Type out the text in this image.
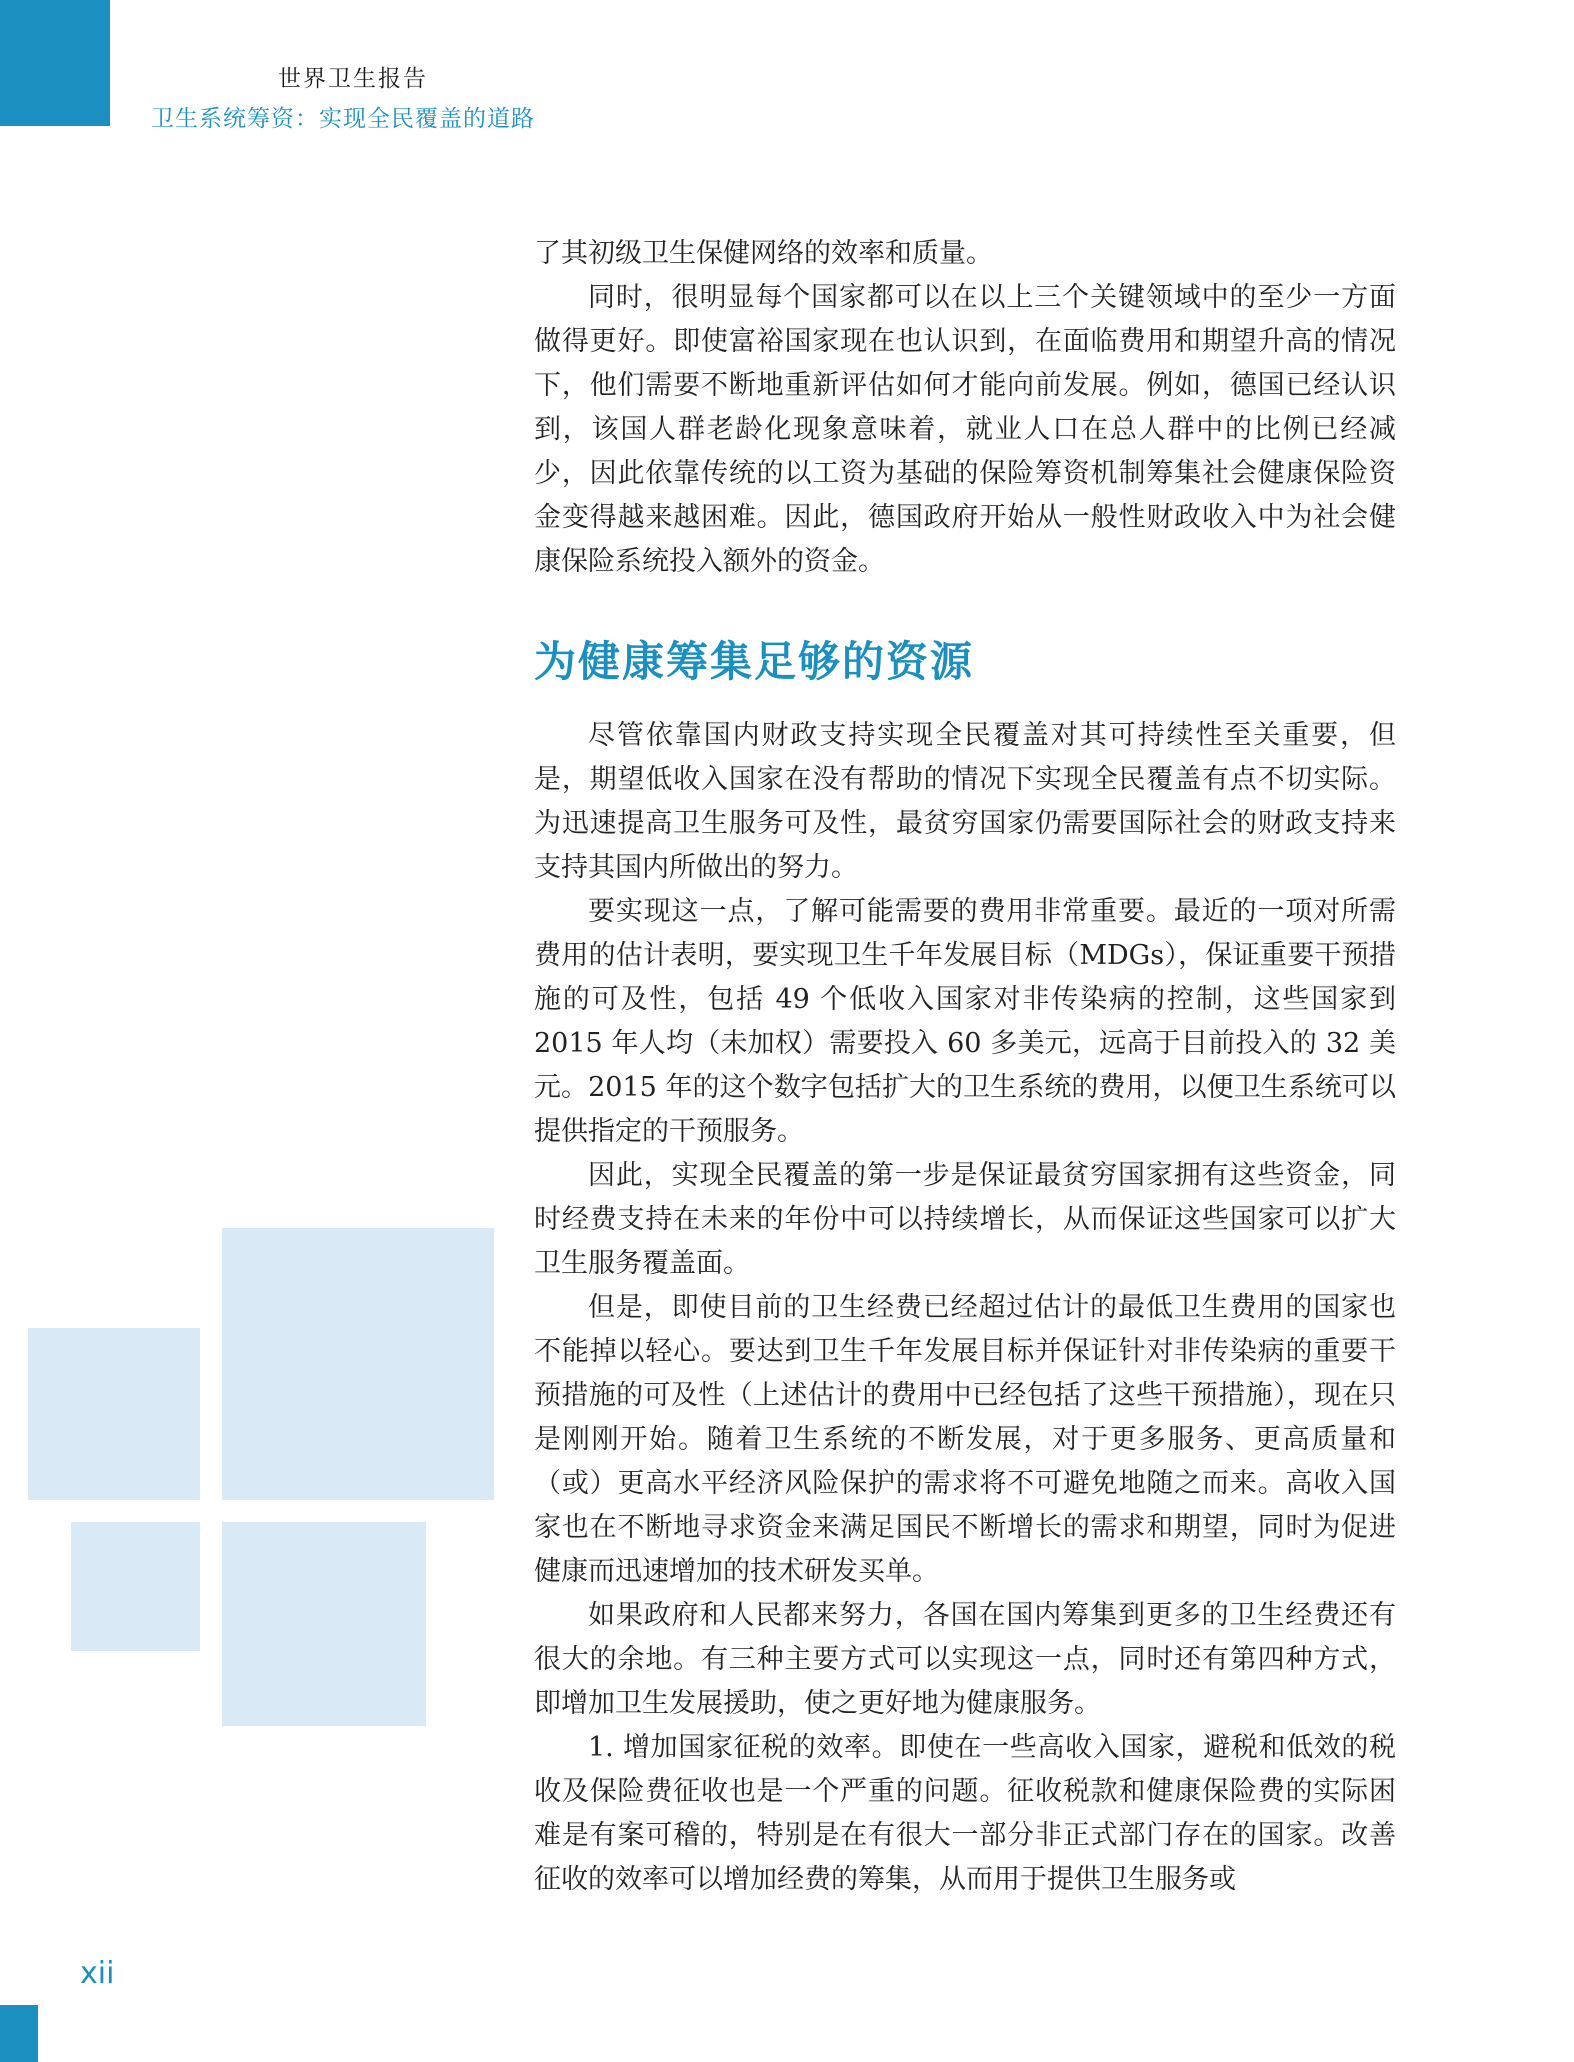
世界卫生报告
卫生系统筹资：实现全民覆盖的道路

了其初级卫生保健网络的效率和质量。

同时，很明显每个国家都可以在以上三个关键领域中的至少一方面做得更好。即使富裕国家现在也认识到，在面临费用和期望升高的情况下，他们需要不断地重新评估如何才能向前发展。例如，德国已经认识到，该国人群老龄化现象意味着，就业人口在总人群中的比例已经减少，因此依靠传统的以工资为基础的保险筹资机制筹集社会健康保险资金变得越来越困难。因此，德国政府开始从一般性财政收入中为社会健康保险系统投入额外的资金。

为健康筹集足够的资源

尽管依靠国内财政支持实现全民覆盖对其可持续性至关重要，但是，期望低收入国家在没有帮助的情况下实现全民覆盖有点不切实际。为迅速提高卫生服务可及性，最贫穷国家仍需要国际社会的财政支持来支持其国内所做出的努力。

要实现这一点，了解可能需要的费用非常重要。最近的一项对所需费用的估计表明，要实现卫生千年发展目标（MDGs），保证重要干预措施的可及性，包括 49 个低收入国家对非传染病的控制，这些国家到 2015 年人均（未加权）需要投入 60 多美元，远高于目前投入的 32 美元。2015 年的这个数字包括扩大的卫生系统的费用，以便卫生系统可以提供指定的干预服务。

因此，实现全民覆盖的第一步是保证最贫穷国家拥有这些资金，同时经费支持在未来的年份中可以持续增长，从而保证这些国家可以扩大卫生服务覆盖面。

但是，即使目前的卫生经费已经超过估计的最低卫生费用的国家也不能掉以轻心。要达到卫生千年发展目标并保证针对非传染病的重要干预措施的可及性（上述估计的费用中已经包括了这些干预措施），现在只是刚刚开始。随着卫生系统的不断发展，对于更多服务、更高质量和（或）更高水平经济风险保护的需求将不可避免地随之而来。高收入国家也在不断地寻求资金来满足国民不断增长的需求和期望，同时为促进健康而迅速增加的技术研发买单。

如果政府和人民都来努力，各国在国内筹集到更多的卫生经费还有很大的余地。有三种主要方式可以实现这一点，同时还有第四种方式，即增加卫生发展援助，使之更好地为健康服务。

1. 增加国家征税的效率。即使在一些高收入国家，避税和低效的税收及保险费征收也是一个严重的问题。征收税款和健康保险费的实际困难是有案可稽的，特别是在有很大一部分非正式部门存在的国家。改善征收的效率可以增加经费的筹集，从而用于提供卫生服务或

xii
